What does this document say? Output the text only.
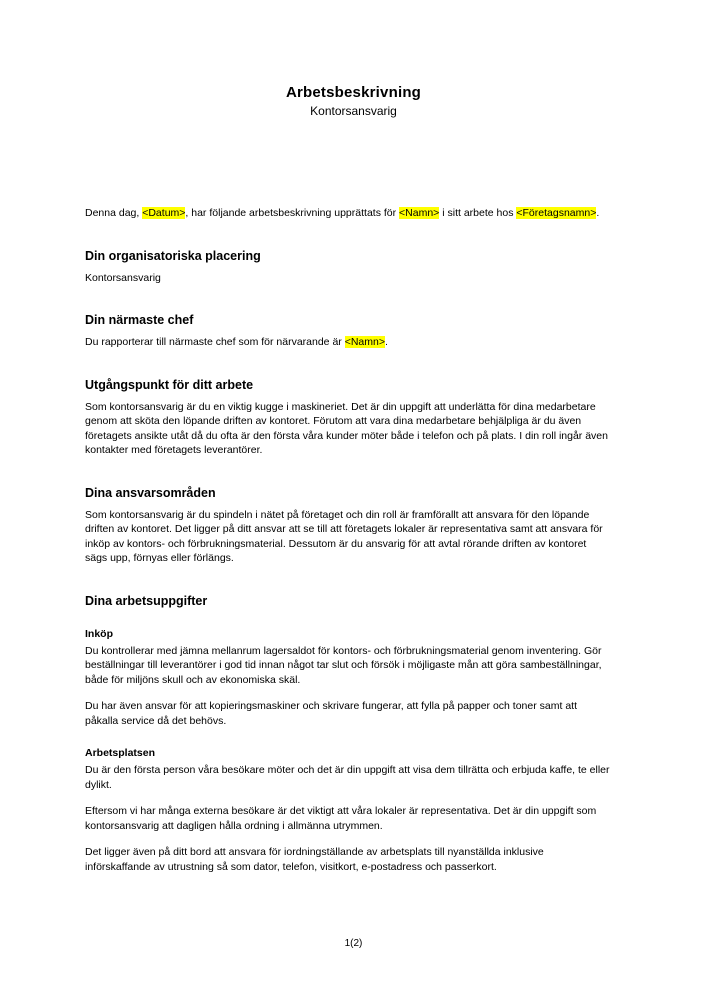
Arbetsbeskrivning
Kontorsansvarig

Denna dag, <Datum>, har följande arbetsbeskrivning upprättats för <Namn> i sitt arbete hos <Företagsnamn>.

Din organisatoriska placering

Kontorsansvarig

Din närmaste chef

Du rapporterar till närmaste chef som för närvarande är <Namn>.

Utgångspunkt för ditt arbete

Som kontorsansvarig är du en viktig kugge i maskineriet. Det är din uppgift att underlätta för dina medarbetare genom att sköta den löpande driften av kontoret. Förutom att vara dina medarbetare behjälpliga är du även företagets ansikte utåt då du ofta är den första våra kunder möter både i telefon och på plats. I din roll ingår även kontakter med företagets leverantörer.

Dina ansvarsområden

Som kontorsansvarig är du spindeln i nätet på företaget och din roll är framförallt att ansvara för den löpande driften av kontoret. Det ligger på ditt ansvar att se till att företagets lokaler är representativa samt att ansvara för inköp av kontors- och förbrukningsmaterial. Dessutom är du ansvarig för att avtal rörande driften av kontoret sägs upp, förnyas eller förlängs.

Dina arbetsuppgifter
Inköp

Du kontrollerar med jämna mellanrum lagersaldot för kontors- och förbrukningsmaterial genom inventering. Gör beställningar till leverantörer i god tid innan något tar slut och försök i möjligaste mån att göra sambeställningar, både för miljöns skull och av ekonomiska skäl.

Du har även ansvar för att kopieringsmaskiner och skrivare fungerar, att fylla på papper och toner samt att påkalla service då det behövs.

Arbetsplatsen

Du är den första person våra besökare möter och det är din uppgift att visa dem tillrätta och erbjuda kaffe, te eller dylikt.

Eftersom vi har många externa besökare är det viktigt att våra lokaler är representativa. Det är din uppgift som kontorsansvarig att dagligen hålla ordning i allmänna utrymmen.

Det ligger även på ditt bord att ansvara för iordningställande av arbetsplats till nyanställda inklusive införskaffande av utrustning så som dator, telefon, visitkort, e-postadress och passerkort.

1(2)
